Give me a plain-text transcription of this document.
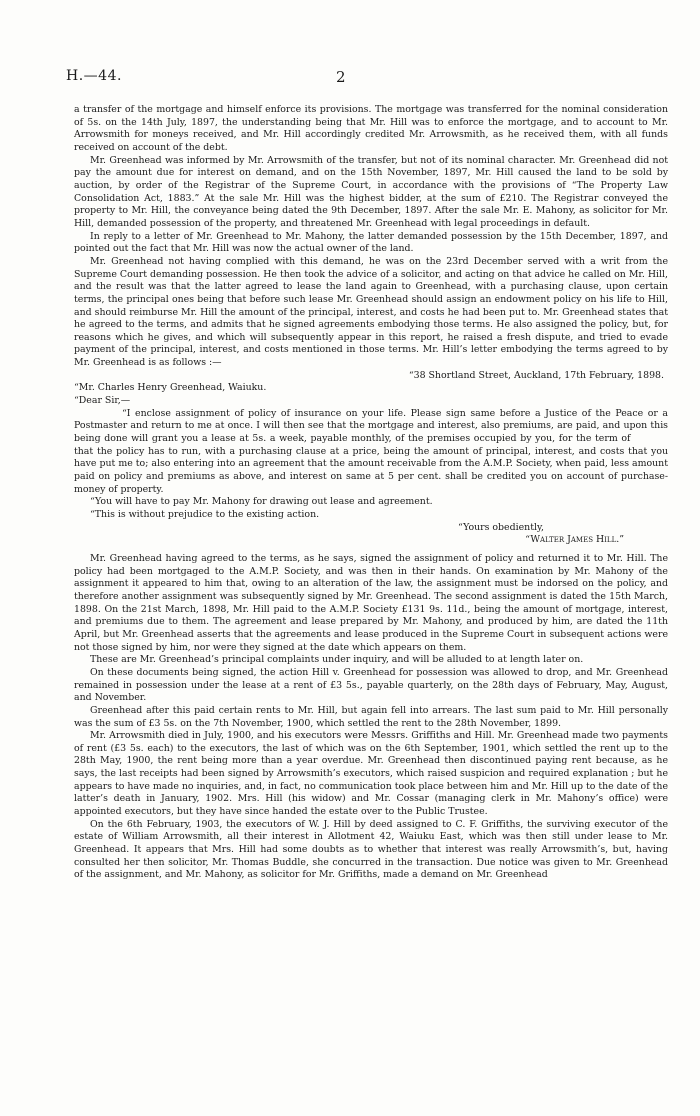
H.—44.	2

a transfer of the mortgage and himself enforce its provisions. The mortgage was transferred for the nominal consideration of 5s. on the 14th July, 1897, the understanding being that Mr. Hill was to enforce the mortgage, and to account to Mr. Arrowsmith for moneys received, and Mr. Hill accordingly credited Mr. Arrowsmith, as he received them, with all funds received on account of the debt.

Mr. Greenhead was informed by Mr. Arrowsmith of the transfer, but not of its nominal character. Mr. Greenhead did not pay the amount due for interest on demand, and on the 15th November, 1897, Mr. Hill caused the land to be sold by auction, by order of the Registrar of the Supreme Court, in accordance with the provisions of “The Property Law Consolidation Act, 1883.” At the sale Mr. Hill was the highest bidder, at the sum of £210. The Registrar conveyed the property to Mr. Hill, the conveyance being dated the 9th December, 1897. After the sale Mr. E. Mahony, as solicitor for Mr. Hill, demanded possession of the property, and threatened Mr. Greenhead with legal proceedings in default.

In reply to a letter of Mr. Greenhead to Mr. Mahony, the latter demanded possession by the 15th December, 1897, and pointed out the fact that Mr. Hill was now the actual owner of the land.

Mr. Greenhead not having complied with this demand, he was on the 23rd December served with a writ from the Supreme Court demanding possession. He then took the advice of a solicitor, and acting on that advice he called on Mr. Hill, and the result was that the latter agreed to lease the land again to Greenhead, with a purchasing clause, upon certain terms, the principal ones being that before such lease Mr. Greenhead should assign an endowment policy on his life to Hill, and should reimburse Mr. Hill the amount of the principal, interest, and costs he had been put to. Mr. Greenhead states that he agreed to the terms, and admits that he signed agreements embodying those terms. He also assigned the policy, but, for reasons which he gives, and which will subsequently appear in this report, he raised a fresh dispute, and tried to evade payment of the principal, interest, and costs mentioned in those terms. Mr. Hill’s letter embodying the terms agreed to by Mr. Greenhead is as follows :—

“38 Shortland Street, Auckland, 17th February, 1898.

“Mr. Charles Henry Greenhead, Waiuku.

“Dear Sir,—

“I enclose assignment of policy of insurance on your life. Please sign same before a Justice of the Peace or a Postmaster and return to me at once. I will then see that the mortgage and interest, also premiums, are paid, and upon this being done will grant you a lease at 5s. a week, payable monthly, of the premises occupied by you, for the term of    that the policy has to run, with a purchasing clause at a price, being the amount of principal, interest, and costs that you have put me to; also entering into an agreement that the amount receivable from the A.M.P. Society, when paid, less amount paid on policy and premiums as above, and interest on same at 5 per cent. shall be credited you on account of purchase-money of property.

“You will have to pay Mr. Mahony for drawing out lease and agreement.

“This is without prejudice to the existing action.

“Yours obediently,

“Walter James Hill.”

Mr. Greenhead having agreed to the terms, as he says, signed the assignment of policy and returned it to Mr. Hill. The policy had been mortgaged to the A.M.P. Society, and was then in their hands. On examination by Mr. Mahony of the assignment it appeared to him that, owing to an alteration of the law, the assignment must be indorsed on the policy, and therefore another assignment was subsequently signed by Mr. Greenhead. The second assignment is dated the 15th March, 1898. On the 21st March, 1898, Mr. Hill paid to the A.M.P. Society £131 9s. 11d., being the amount of mortgage, interest, and premiums due to them. The agreement and lease prepared by Mr. Mahony, and produced by him, are dated the 11th April, but Mr. Greenhead asserts that the agreements and lease produced in the Supreme Court in subsequent actions were not those signed by him, nor were they signed at the date which appears on them.

These are Mr. Greenhead’s principal complaints under inquiry, and will be alluded to at length later on.

On these documents being signed, the action Hill v. Greenhead for possession was allowed to drop, and Mr. Greenhead remained in possession under the lease at a rent of £3 5s., payable quarterly, on the 28th days of February, May, August, and November.

Greenhead after this paid certain rents to Mr. Hill, but again fell into arrears. The last sum paid to Mr. Hill personally was the sum of £3 5s. on the 7th November, 1900, which settled the rent to the 28th November, 1899.

Mr. Arrowsmith died in July, 1900, and his executors were Messrs. Griffiths and Hill. Mr. Greenhead made two payments of rent (£3 5s. each) to the executors, the last of which was on the 6th September, 1901, which settled the rent up to the 28th May, 1900, the rent being more than a year overdue. Mr. Greenhead then discontinued paying rent because, as he says, the last receipts had been signed by Arrowsmith’s executors, which raised suspicion and required explanation ; but he appears to have made no inquiries, and, in fact, no communication took place between him and Mr. Hill up to the date of the latter’s death in January, 1902. Mrs. Hill (his widow) and Mr. Cossar (managing clerk in Mr. Mahony’s office) were appointed executors, but they have since handed the estate over to the Public Trustee.

On the 6th February, 1903, the executors of W. J. Hill by deed assigned to C. F. Griffiths, the surviving executor of the estate of William Arrowsmith, all their interest in Allotment 42, Waiuku East, which was then still under lease to Mr. Greenhead. It appears that Mrs. Hill had some doubts as to whether that interest was really Arrowsmith’s, but, having consulted her then solicitor, Mr. Thomas Buddle, she concurred in the transaction. Due notice was given to Mr. Greenhead of the assignment, and Mr. Mahony, as solicitor for Mr. Griffiths, made a demand on Mr. Greenhead
